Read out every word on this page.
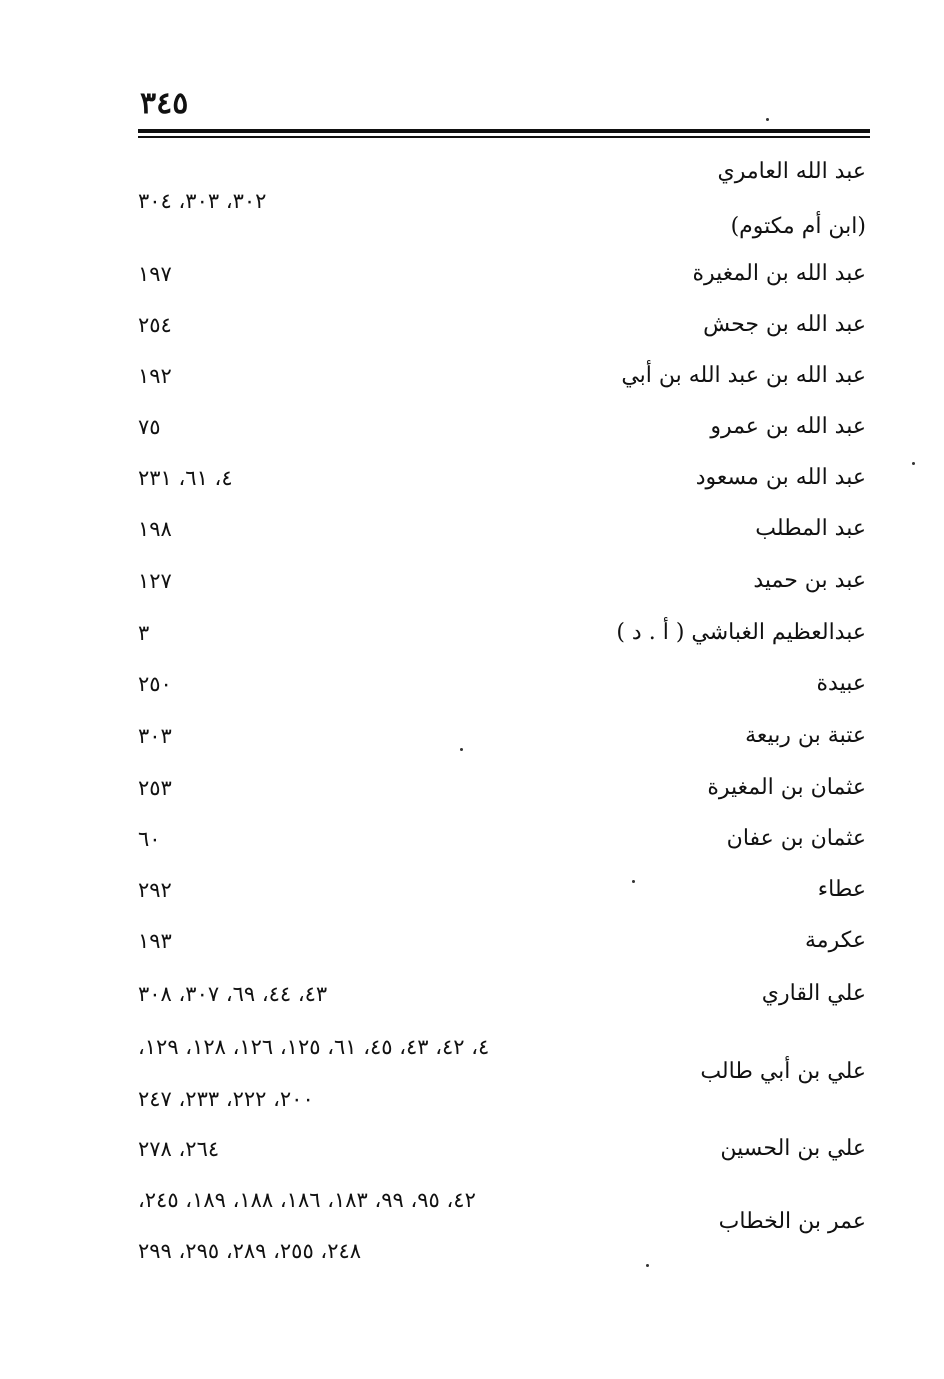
٣٤٥
عبد الله العامري
(ابن أم مكتوم)
عبد الله بن المغيرة
عبد الله بن جحش
عبد الله بن عبد الله بن أبي
عبد الله بن عمرو
عبد الله بن مسعود
عبد المطلب
عبد بن حميد
عبدالعظيم الغباشي ( أ . د )
عبيدة
عتبة بن ربيعة
عثمان بن المغيرة
عثمان بن عفان
عطاء
عكرمة
علي القاري
علي بن أبي طالب
علي بن الحسين
عمر بن الخطاب
٣٠٢، ٣٠٣، ٣٠٤
١٩٧
٢٥٤
١٩٢
٧٥
٤، ٦١، ٢٣١
١٩٨
١٢٧
٣
٢٥٠
٣٠٣
٢٥٣
٦٠
٢٩٢
١٩٣
٤٣، ٤٤، ٦٩، ٣٠٧، ٣٠٨
٤، ٤٢، ٤٣، ٤٥، ٦١، ١٢٥، ١٢٦، ١٢٨، ١٢٩،
٢٠٠، ٢٢٢، ٢٣٣، ٢٤٧
٢٦٤، ٢٧٨
٤٢، ٩٥، ٩٩، ١٨٣، ١٨٦، ١٨٨، ١٨٩، ٢٤٥،
٢٤٨، ٢٥٥، ٢٨٩، ٢٩٥، ٢٩٩
